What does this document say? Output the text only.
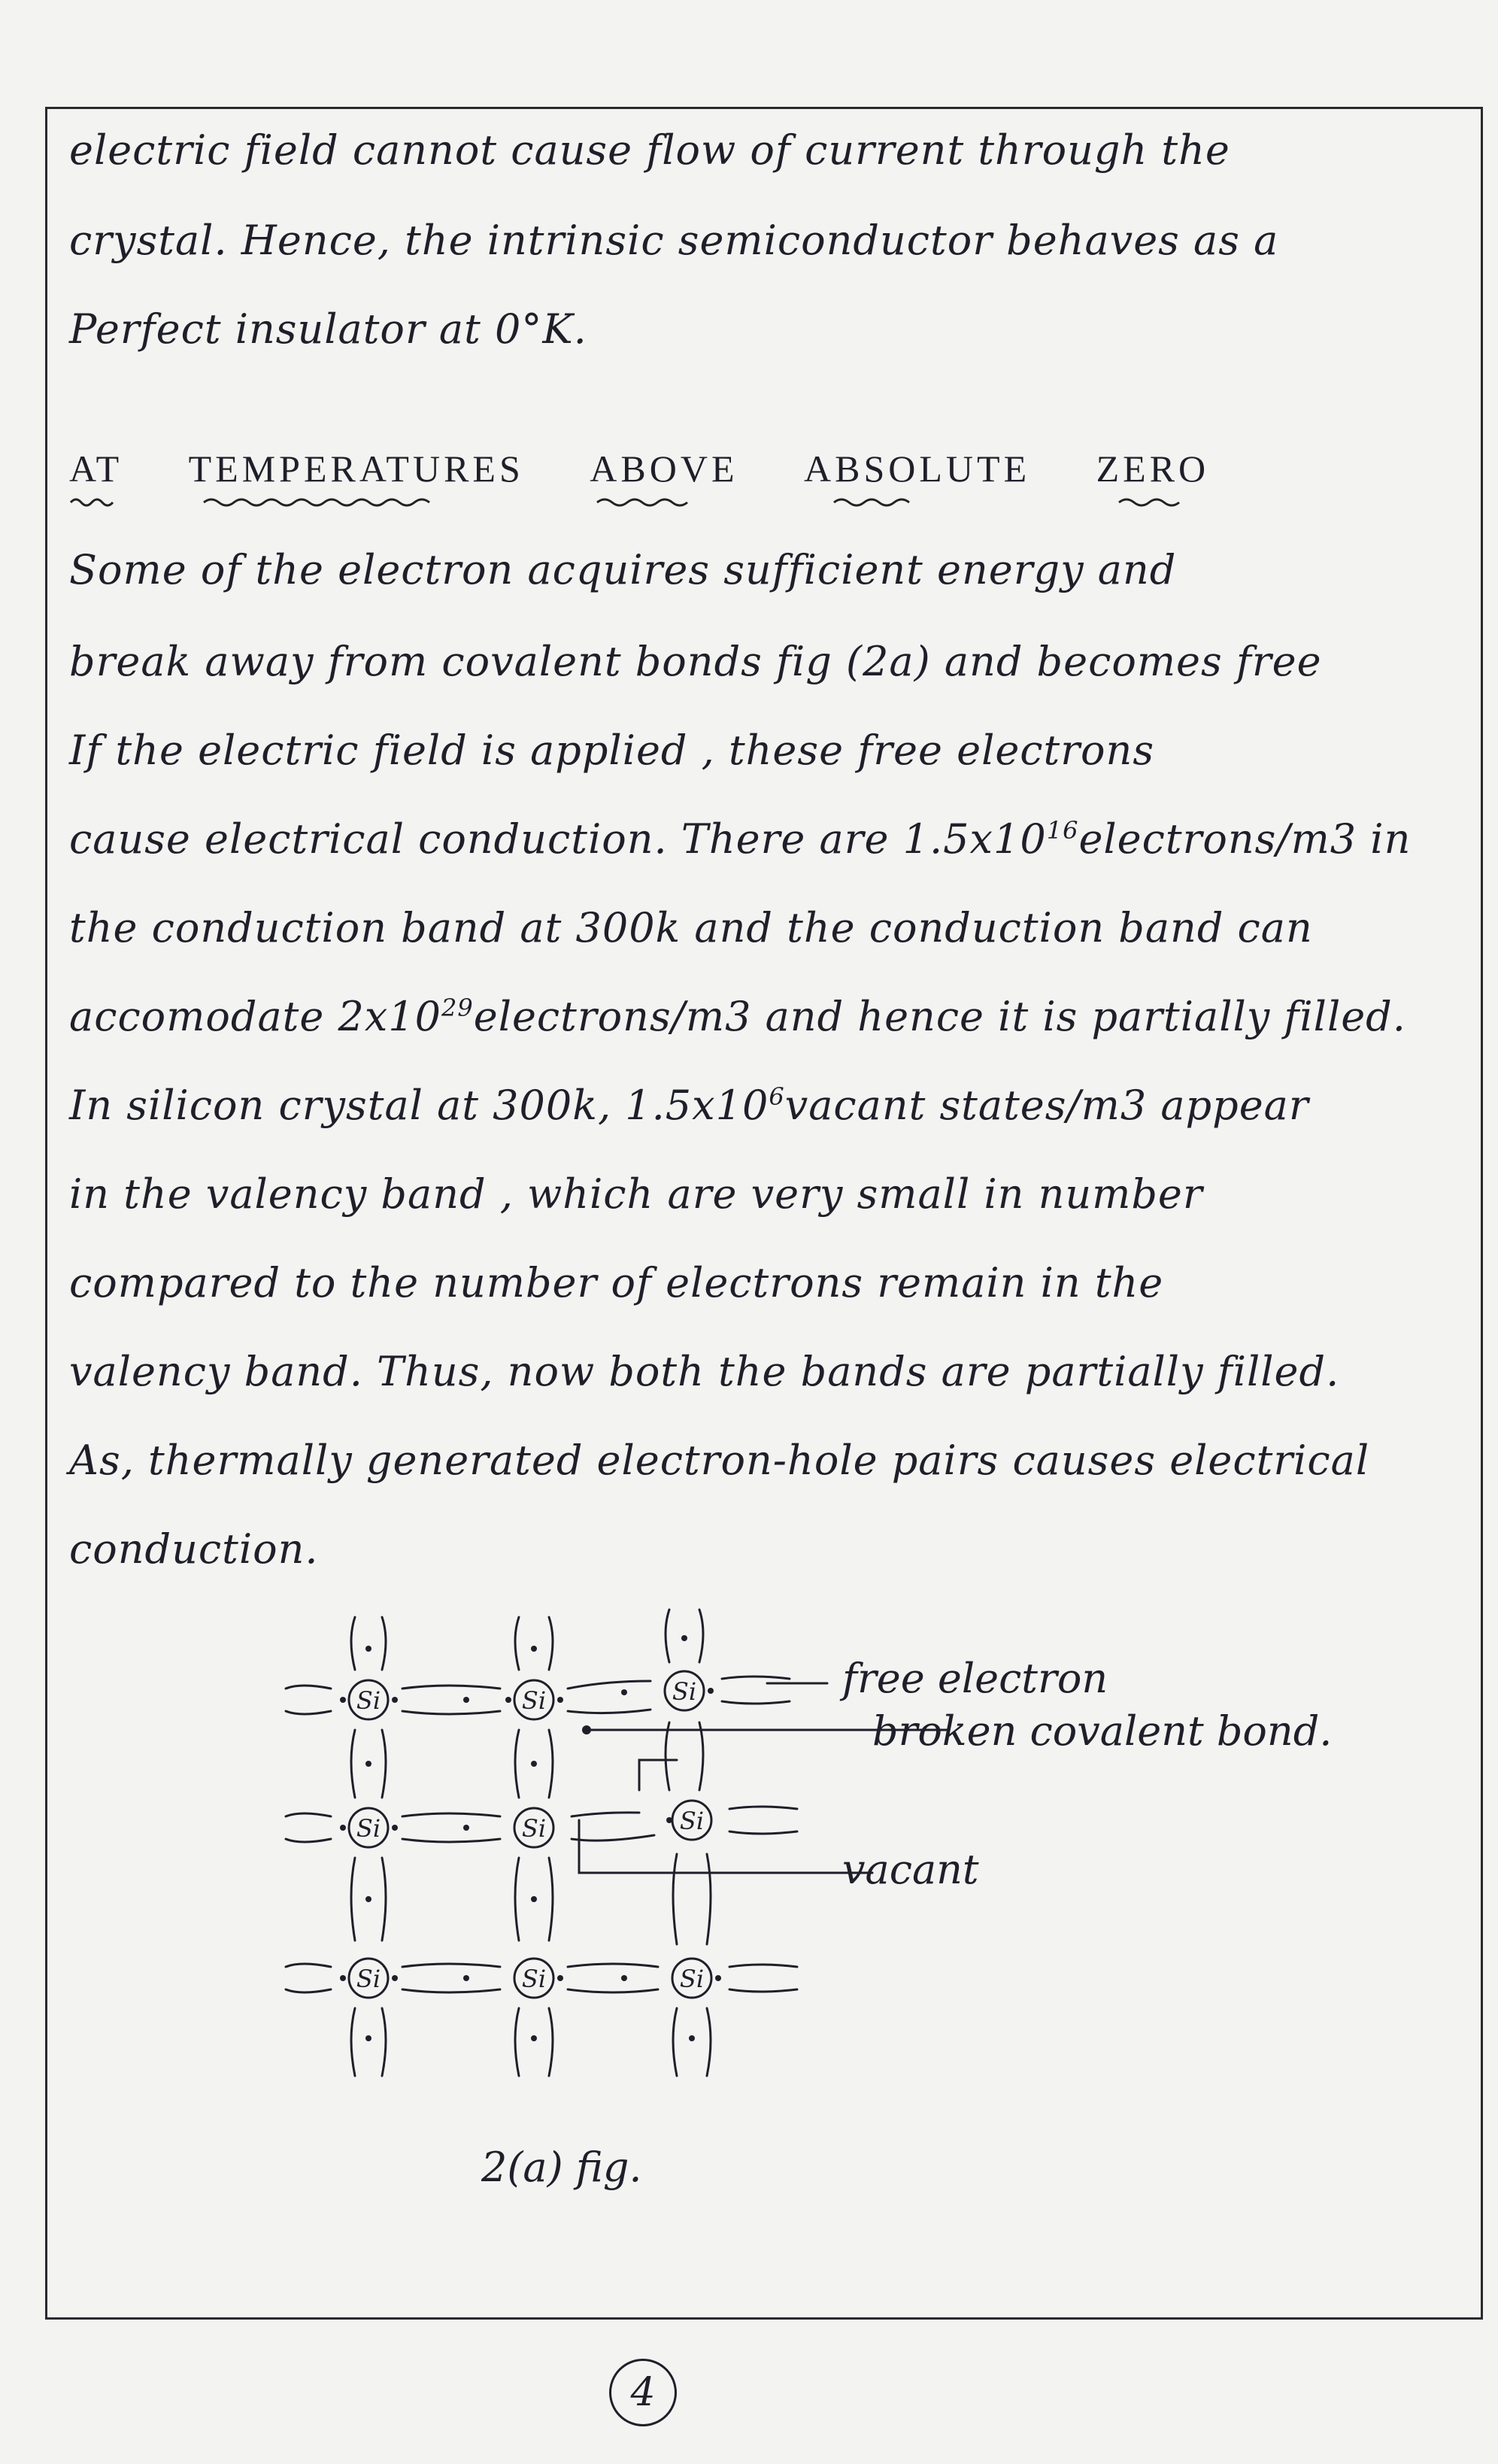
electric field cannot cause flow of current through the
crystal. Hence, the intrinsic semiconductor behaves as a
Perfect insulator at 0°K.
AT TEMPERATURES ABOVE ABSOLUTE ZERO
Some of the electron acquires sufficient energy and
break away from covalent bonds fig (2a) and becomes free
If the electric field is applied , these free electrons
cause electrical conduction. There are $1.5x10^{16}electrons/m3$ in
the conduction band at 300k and the conduction band can
accomodate $2x10^{29}electrons/m3$ and hence it is partially filled.
In silicon crystal at 300k, $1.5x10^6vacant$ states/m3 appear
in the valency band , which are very small in number
compared to the number of electrons remain in the
valency band. Thus, now both the bands are partially filled.
As, thermally generated electron-hole pairs causes electrical
conduction.
Si	Si	Si
Si	Si	Si
Si	Si	Si
free electron
broken covalent bond.
vacant
2(a) fig.
4
